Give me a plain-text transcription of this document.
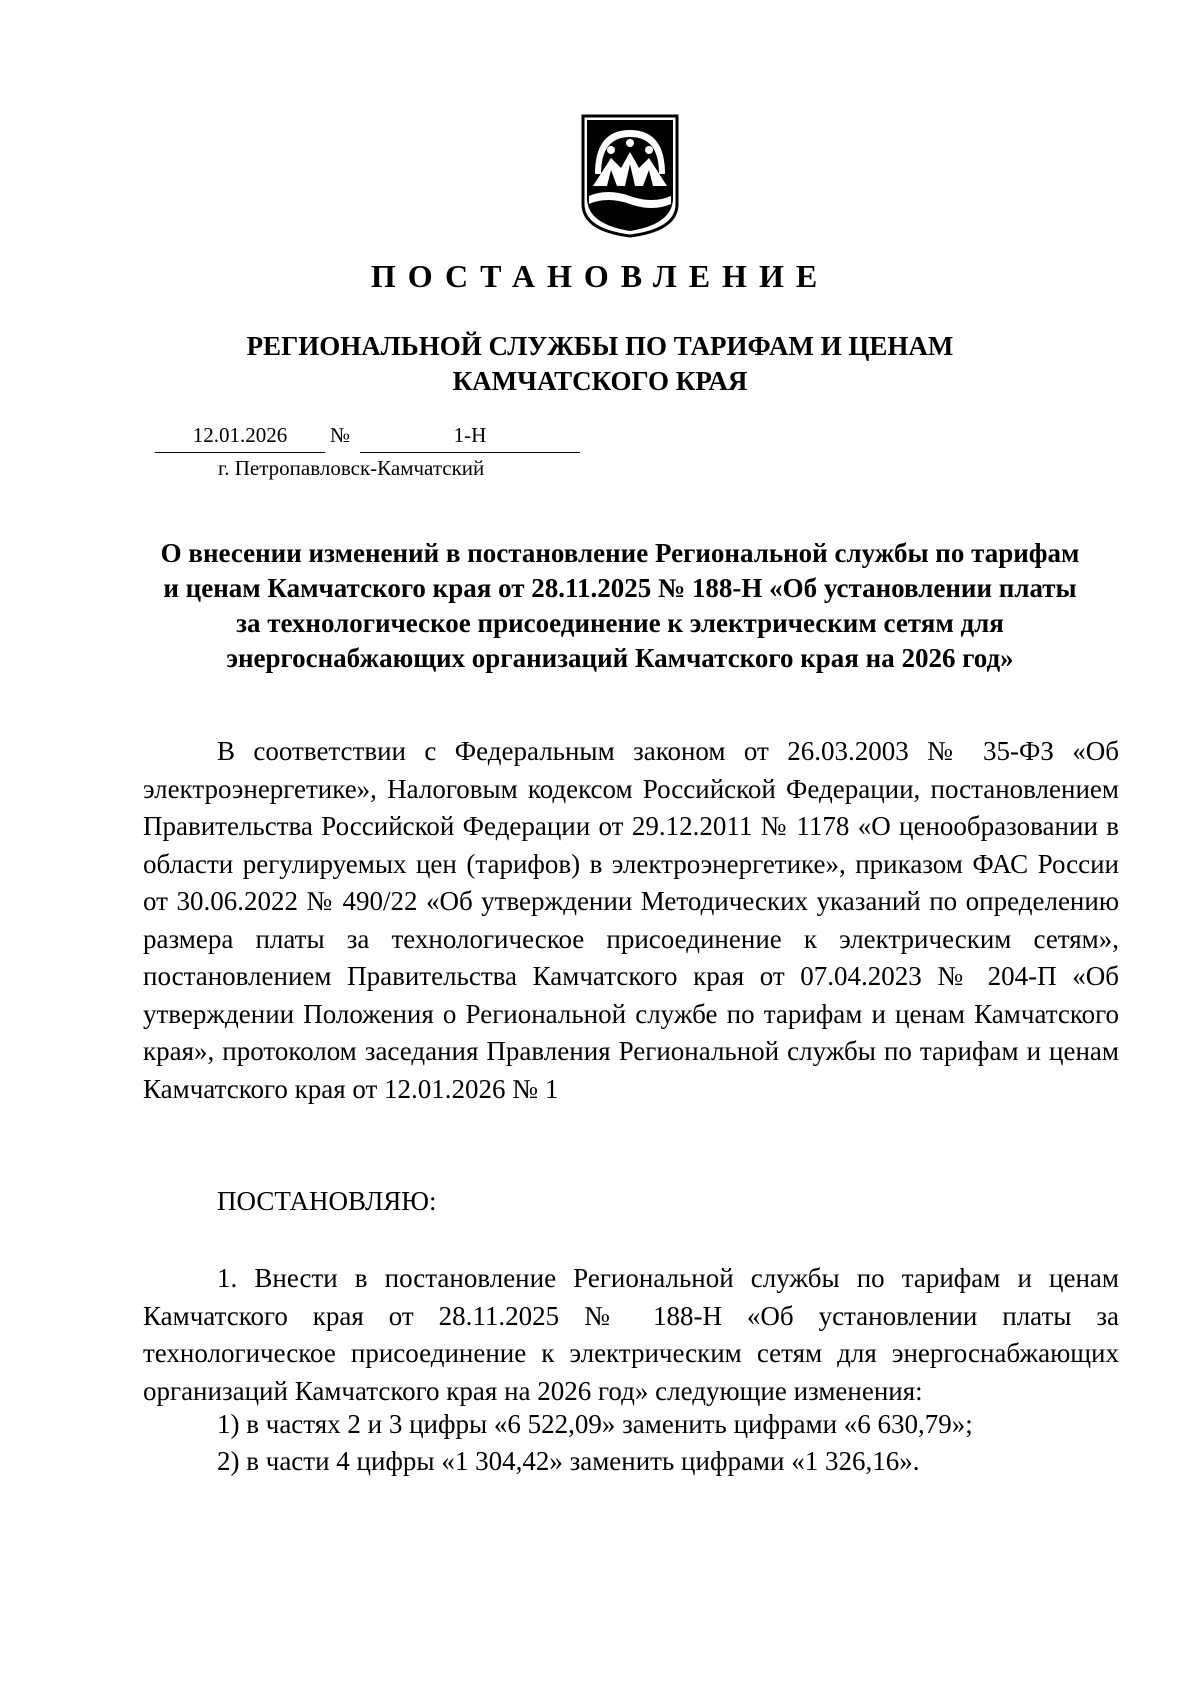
ПОСТАНОВЛЕНИЕ
РЕГИОНАЛЬНОЙ СЛУЖБЫ ПО ТАРИФАМ И ЦЕНАМ
КАМЧАТСКОГО КРАЯ
12.01.2026	№	1-Н
г. Петропавловск-Камчатский
О внесении изменений в постановление Региональной службы по тарифам
и ценам Камчатского края от 28.11.2025 № 188-Н «Об установлении платы
за технологическое присоединение к электрическим сетям для
энергоснабжающих организаций Камчатского края на 2026 год»

В соответствии с Федеральным законом от 26.03.2003 № 35-ФЗ «Об электроэнергетике», Налоговым кодексом Российской Федерации, постановлением Правительства Российской Федерации от 29.12.2011 № 1178 «О ценообразовании в области регулируемых цен (тарифов) в электроэнергетике», приказом ФАС России от 30.06.2022 № 490/22 «Об утверждении Методических указаний по определению размера платы за технологическое присоединение к электрическим сетям», постановлением Правительства Камчатского края от 07.04.2023 № 204-П «Об утверждении Положения о Региональной службе по тарифам и ценам Камчатского края», протоколом заседания Правления Региональной службы по тарифам и ценам Камчатского края от 12.01.2026 № 1

ПОСТАНОВЛЯЮ:

1. Внести в постановление Региональной службы по тарифам и ценам Камчатского края от 28.11.2025 № 188-Н «Об установлении платы за технологическое присоединение к электрическим сетям для энергоснабжающих организаций Камчатского края на 2026 год» следующие изменения:

1) в частях 2 и 3 цифры «6 522,09» заменить цифрами «6 630,79»;
2) в части 4 цифры «1 304,42» заменить цифрами «1 326,16».
